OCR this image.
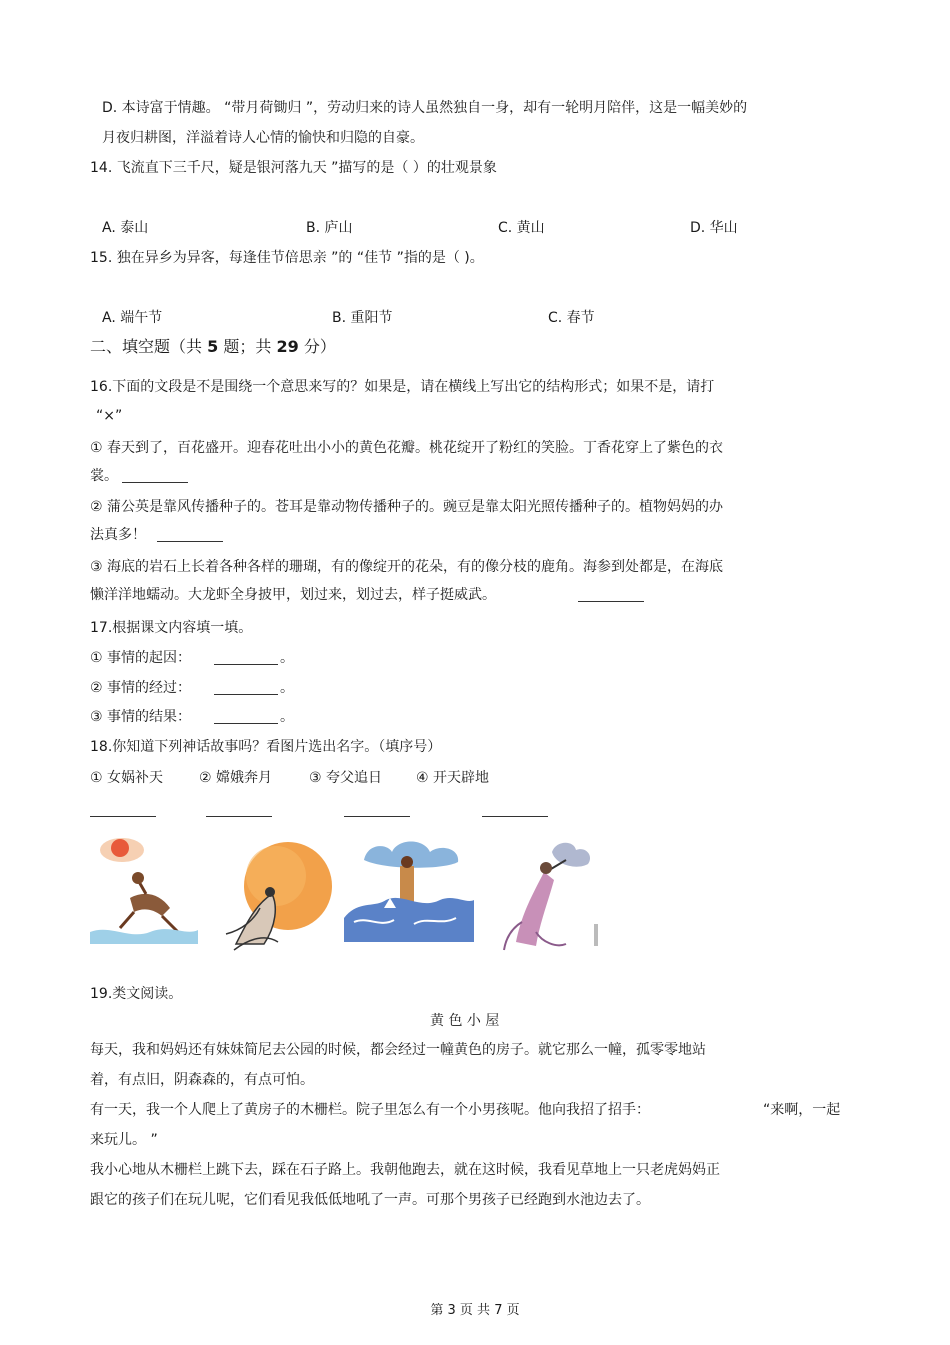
D. 本诗富于情趣。 “带月荷锄归 ”，劳动归来的诗人虽然独自一身，却有一轮明月陪伴，这是一幅美妙的
月夜归耕图，洋溢着诗人心情的愉快和归隐的自豪。
14. 飞流直下三千尺，疑是银河落九天 ”描写的是（ ）的壮观景象
A. 泰山	B. 庐山	C. 黄山	D. 华山
15. 独在异乡为异客，每逢佳节倍思亲 ”的 “佳节 ”指的是（ )。
A. 端午节	B. 重阳节	C. 春节
二、填空题（共 5 题；共 29 分）
16.下面的文段是不是围绕一个意思来写的？如果是，请在横线上写出它的结构形式；如果不是，请打
“×”
① 春天到了，百花盛开。迎春花吐出小小的黄色花瓣。桃花绽开了粉红的笑脸。丁香花穿上了紫色的衣
裳。
② 蒲公英是靠风传播种子的。苍耳是靠动物传播种子的。豌豆是靠太阳光照传播种子的。植物妈妈的办
法真多！
③ 海底的岩石上长着各种各样的珊瑚，有的像绽开的花朵，有的像分枝的鹿角。海参到处都是，在海底
懒洋洋地蠕动。大龙虾全身披甲，划过来，划过去，样子挺威武。
17.根据课文内容填一填。
① 事情的起因：	。
② 事情的经过：	。
③ 事情的结果：	。
18.你知道下列神话故事吗？看图片选出名字。（填序号）
① 女娲补天	② 嫦娥奔月	③ 夸父追日 ④ 开天辟地
19.类文阅读。
黄 色 小 屋
每天，我和妈妈还有妹妹简尼去公园的时候，都会经过一幢黄色的房子。就它那么一幢，孤零零地站
着，有点旧，阴森森的，有点可怕。
有一天，我一个人爬上了黄房子的木栅栏。院子里怎么有一个小男孩呢。他向我招了招手：	“来啊，一起
来玩儿。 ”
我小心地从木栅栏上跳下去，踩在石子路上。我朝他跑去，就在这时候，我看见草地上一只老虎妈妈正
跟它的孩子们在玩儿呢，它们看见我低低地吼了一声。可那个男孩子已经跑到水池边去了。
第 3 页 共 7 页
